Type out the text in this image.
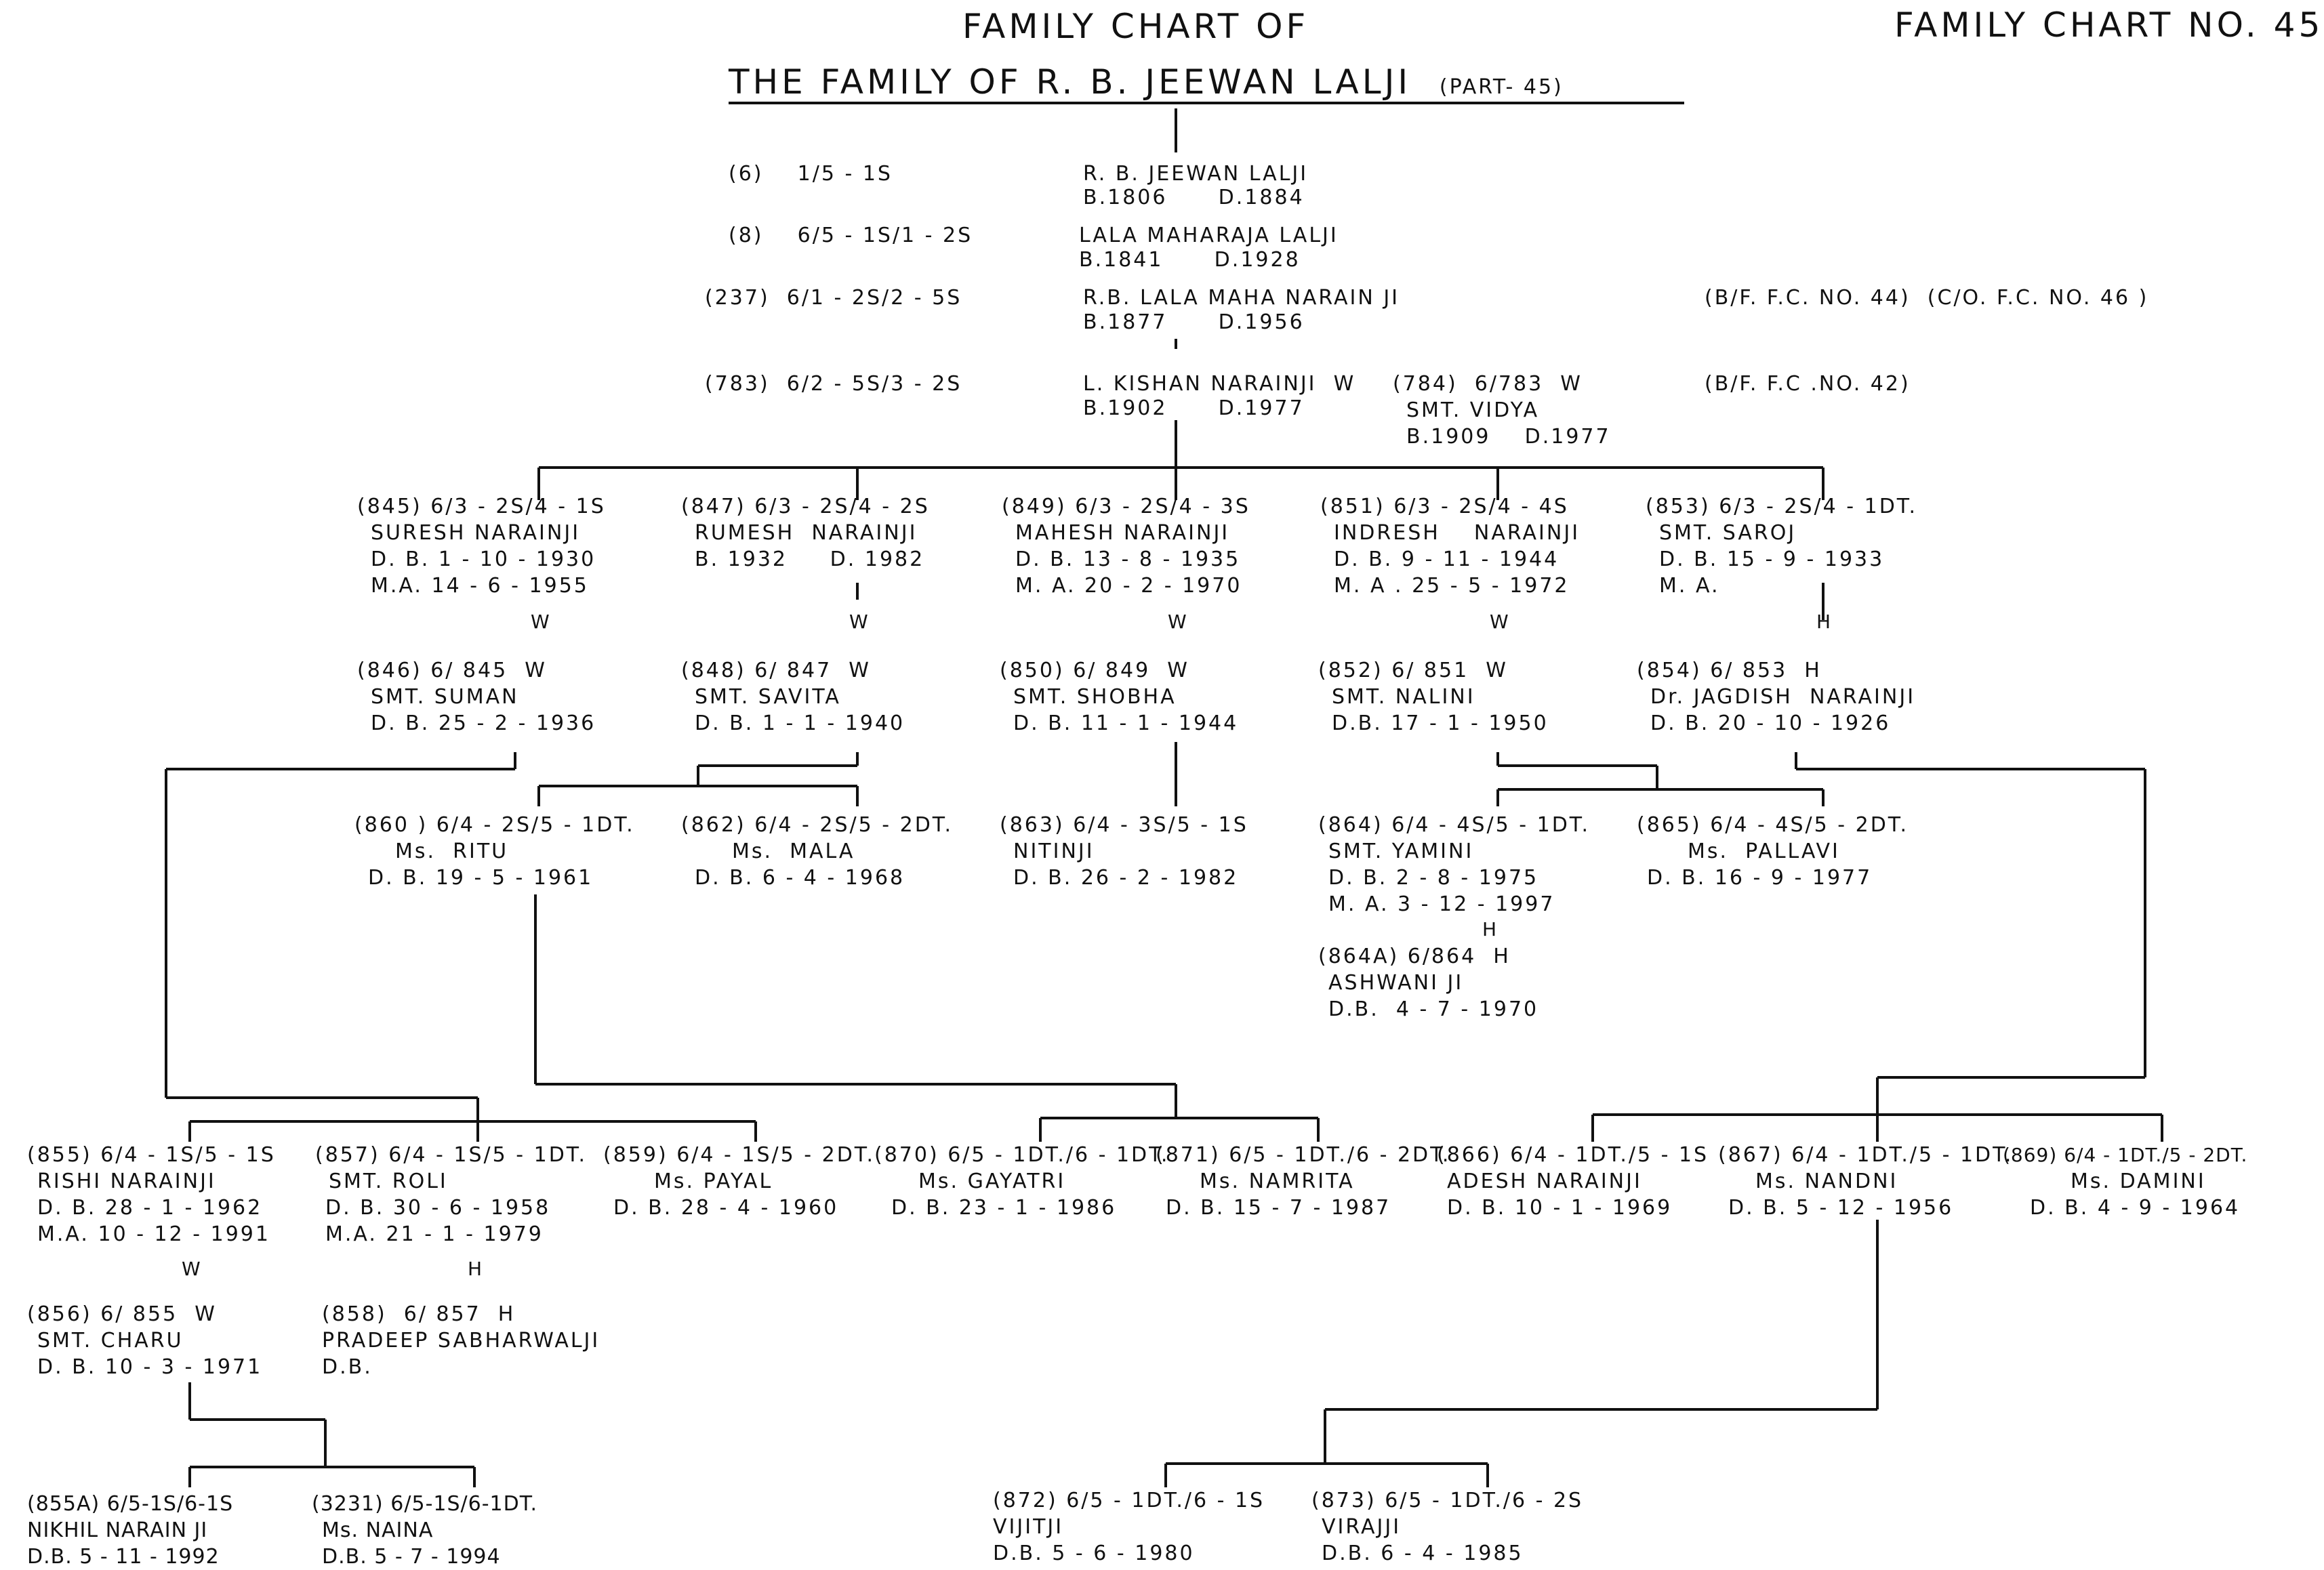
FAMILY CHART OF
THE FAMILY OF R. B. JEEWAN LALJI (PART- 45)
FAMILY CHART NO. 45
(6)    1/5 - 1S	R. B. JEEWAN LALJI
B.1806      D.1884
(8)    6/5 - 1S/1 - 2S	LALA MAHARAJA LALJI
B.1841      D.1928
(237)  6/1 - 2S/2 - 5S	R.B. LALA MAHA NARAIN JI
B.1877      D.1956
(B/F. F.C. NO. 44)  (C/O. F.C. NO. 46 )
(783)  6/2 - 5S/3 - 2S	L. KISHAN NARAINJI  W
B.1902      D.1977
(B/F. F.C .NO. 42)
(784)  6/783  W
SMT. VIDYA
B.1909    D.1977
(845) 6/3 - 2S/4 - 1S
SURESH NARAINJI
D. B. 1 - 10 - 1930
M.A. 14 - 6 - 1955
(847) 6/3 - 2S/4 - 2S
RUMESH  NARAINJI
B. 1932     D. 1982
(849) 6/3 - 2S/4 - 3S
MAHESH NARAINJI
D. B. 13 - 8 - 1935
M. A. 20 - 2 - 1970
(851) 6/3 - 2S/4 - 4S
INDRESH    NARAINJI
D. B. 9 - 11 - 1944
M. A . 25 - 5 - 1972
(853) 6/3 - 2S/4 - 1DT.
SMT. SAROJ
D. B. 15 - 9 - 1933
M. A.
W	W	W	W	H
(846) 6/ 845  W
SMT. SUMAN
D. B. 25 - 2 - 1936
(848) 6/ 847  W
SMT. SAVITA
D. B. 1 - 1 - 1940
(850) 6/ 849  W
SMT. SHOBHA
D. B. 11 - 1 - 1944
(852) 6/ 851  W
SMT. NALINI
D.B. 17 - 1 - 1950
(854) 6/ 853  H
Dr. JAGDISH  NARAINJI
D. B. 20 - 10 - 1926
(860 ) 6/4 - 2S/5 - 1DT.
Ms.  RITU
D. B. 19 - 5 - 1961
(862) 6/4 - 2S/5 - 2DT.
Ms.  MALA
D. B. 6 - 4 - 1968
(863) 6/4 - 3S/5 - 1S
NITINJI
D. B. 26 - 2 - 1982
(864) 6/4 - 4S/5 - 1DT.
SMT. YAMINI
D. B. 2 - 8 - 1975
M. A. 3 - 12 - 1997
(865) 6/4 - 4S/5 - 2DT.
Ms.  PALLAVI
D. B. 16 - 9 - 1977
H
(864A) 6/864  H
ASHWANI JI
D.B.  4 - 7 - 1970
(855) 6/4 - 1S/5 - 1S
RISHI NARAINJI
D. B. 28 - 1 - 1962
M.A. 10 - 12 - 1991
(857) 6/4 - 1S/5 - 1DT.
SMT. ROLI
D. B. 30 - 6 - 1958
M.A. 21 - 1 - 1979
(859) 6/4 - 1S/5 - 2DT.
Ms. PAYAL
D. B. 28 - 4 - 1960
(870) 6/5 - 1DT./6 - 1DT.
Ms. GAYATRI
D. B. 23 - 1 - 1986
(871) 6/5 - 1DT./6 - 2DT.
Ms. NAMRITA
D. B. 15 - 7 - 1987
(866) 6/4 - 1DT./5 - 1S
ADESH NARAINJI
D. B. 10 - 1 - 1969
(867) 6/4 - 1DT./5 - 1DT.
Ms. NANDNI
D. B. 5 - 12 - 1956
(869) 6/4 - 1DT./5 - 2DT.
Ms. DAMINI
D. B. 4 - 9 - 1964
W	H
(856) 6/ 855  W
SMT. CHARU
D. B. 10 - 3 - 1971
(858)  6/ 857  H
PRADEEP SABHARWALJI
D.B.
(855A) 6/5-1S/6-1S
NIKHIL NARAIN JI
D.B. 5 - 11 - 1992
(3231) 6/5-1S/6-1DT.
Ms. NAINA
D.B. 5 - 7 - 1994
(872) 6/5 - 1DT./6 - 1S
VIJITJI
D.B. 5 - 6 - 1980
(873) 6/5 - 1DT./6 - 2S
VIRAJJI
D.B. 6 - 4 - 1985
